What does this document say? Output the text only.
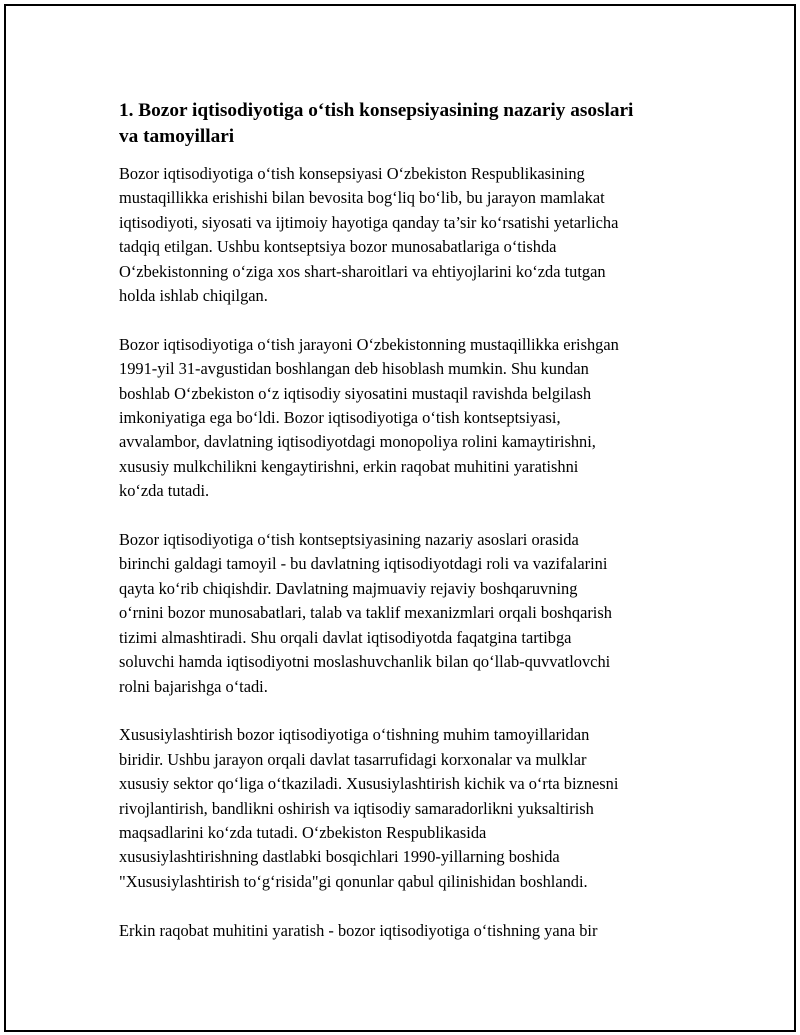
1. Bozor iqtisodiyotiga o‘tish konsepsiyasining nazariy asoslari
va tamoyillari

Bozor iqtisodiyotiga o‘tish konsepsiyasi O‘zbekiston Respublikasining
mustaqillikka erishishi bilan bevosita bog‘liq bo‘lib, bu jarayon mamlakat
iqtisodiyoti, siyosati va ijtimoiy hayotiga qanday ta’sir ko‘rsatishi yetarlicha
tadqiq etilgan. Ushbu kontseptsiya bozor munosabatlariga o‘tishda
O‘zbekistonning o‘ziga xos shart-sharoitlari va ehtiyojlarini ko‘zda tutgan
holda ishlab chiqilgan.

Bozor iqtisodiyotiga o‘tish jarayoni O‘zbekistonning mustaqillikka erishgan
1991-yil 31-avgustidan boshlangan deb hisoblash mumkin. Shu kundan
boshlab O‘zbekiston o‘z iqtisodiy siyosatini mustaqil ravishda belgilash
imkoniyatiga ega bo‘ldi. Bozor iqtisodiyotiga o‘tish kontseptsiyasi,
avvalambor, davlatning iqtisodiyotdagi monopoliya rolini kamaytirishni,
xususiy mulkchilikni kengaytirishni, erkin raqobat muhitini yaratishni
ko‘zda tutadi.

Bozor iqtisodiyotiga o‘tish kontseptsiyasining nazariy asoslari orasida
birinchi galdagi tamoyil - bu davlatning iqtisodiyotdagi roli va vazifalarini
qayta ko‘rib chiqishdir. Davlatning majmuaviy rejaviy boshqaruvning
o‘rnini bozor munosabatlari, talab va taklif mexanizmlari orqali boshqarish
tizimi almashtiradi. Shu orqali davlat iqtisodiyotda faqatgina tartibga
soluvchi hamda iqtisodiyotni moslashuvchanlik bilan qo‘llab-quvvatlovchi
rolni bajarishga o‘tadi.

Xususiylashtirish bozor iqtisodiyotiga o‘tishning muhim tamoyillaridan
biridir. Ushbu jarayon orqali davlat tasarrufidagi korxonalar va mulklar
xususiy sektor qo‘liga o‘tkaziladi. Xususiylashtirish kichik va o‘rta biznesni
rivojlantirish, bandlikni oshirish va iqtisodiy samaradorlikni yuksaltirish
maqsadlarini ko‘zda tutadi. O‘zbekiston Respublikasida
xususiylashtirishning dastlabki bosqichlari 1990-yillarning boshida
"Xususiylashtirish to‘g‘risida"gi qonunlar qabul qilinishidan boshlandi.

Erkin raqobat muhitini yaratish - bozor iqtisodiyotiga o‘tishning yana bir
